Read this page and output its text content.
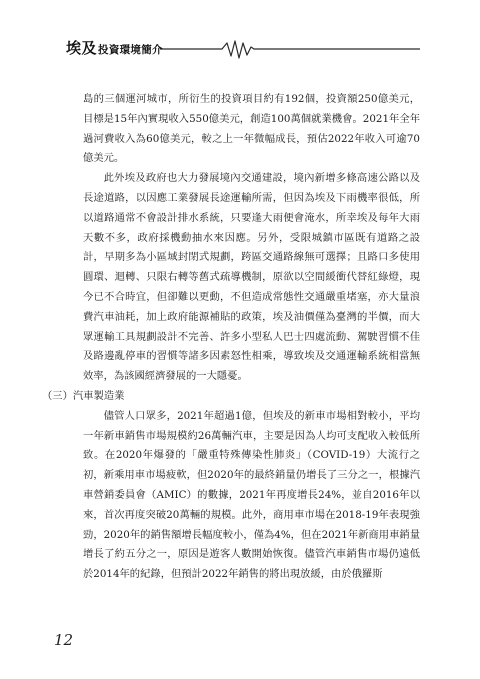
埃及 投資環境簡介

島的三個運河城市，所衍生的投資項目約有192個，投資額250億美元，目標是15年內實現收入550億美元，創造100萬個就業機會。2021年全年過河費收入為60億美元，較之上一年微幅成長，預估2022年收入可逾70億美元。

此外埃及政府也大力發展境內交通建設，境內新增多條高速公路以及長途道路，以因應工業發展長途運輸所需，但因為埃及下雨機率很低，所以道路通常不會設計排水系統，只要逢大雨便會淹水，所幸埃及每年大雨天數不多，政府採機動抽水來因應。另外，受限城鎮市區既有道路之設計，早期多為小區域封閉式規劃，跨區交通路線無可選擇；且路口多使用圓環、迴轉、只限右轉等舊式疏導機制，原欲以空間緩衝代替紅綠燈，現今已不合時宜，但卻難以更動，不但造成常態性交通嚴重堵塞，亦大量浪費汽車油耗，加上政府能源補貼的政策，埃及油價僅為臺灣的半價，而大眾運輸工具規劃設計不完善、許多小型私人巴士四處流動、駕駛習慣不佳及路邊亂停車的習慣等諸多因素怒性相乘，導致埃及交通運輸系統相當無效率，為該國經濟發展的一大隱憂。

（三）汽車製造業

儘管人口眾多，2021年超過1億，但埃及的新車市場相對較小，平均一年新車銷售市場規模約26萬輛汽車，主要是因為人均可支配收入較低所致。在2020年爆發的「嚴重特殊傳染性肺炎」（COVID-19）大流行之初，新乘用車市場疲軟，但2020年的最終銷量仍增長了三分之一，根據汽車營銷委員會（AMIC）的數據，2021年再度增長24%，並自2016年以來，首次再度突破20萬輛的規模。此外，商用車市場在2018-19年表現強勁，2020年的銷售額增長幅度較小，僅為4%，但在2021年新商用車銷量增長了約五分之一，原因是遊客人數開始恢復。儘管汽車銷售市場仍遠低於2014年的紀錄，但預計2022年銷售的將出現放緩，由於俄羅斯

12
